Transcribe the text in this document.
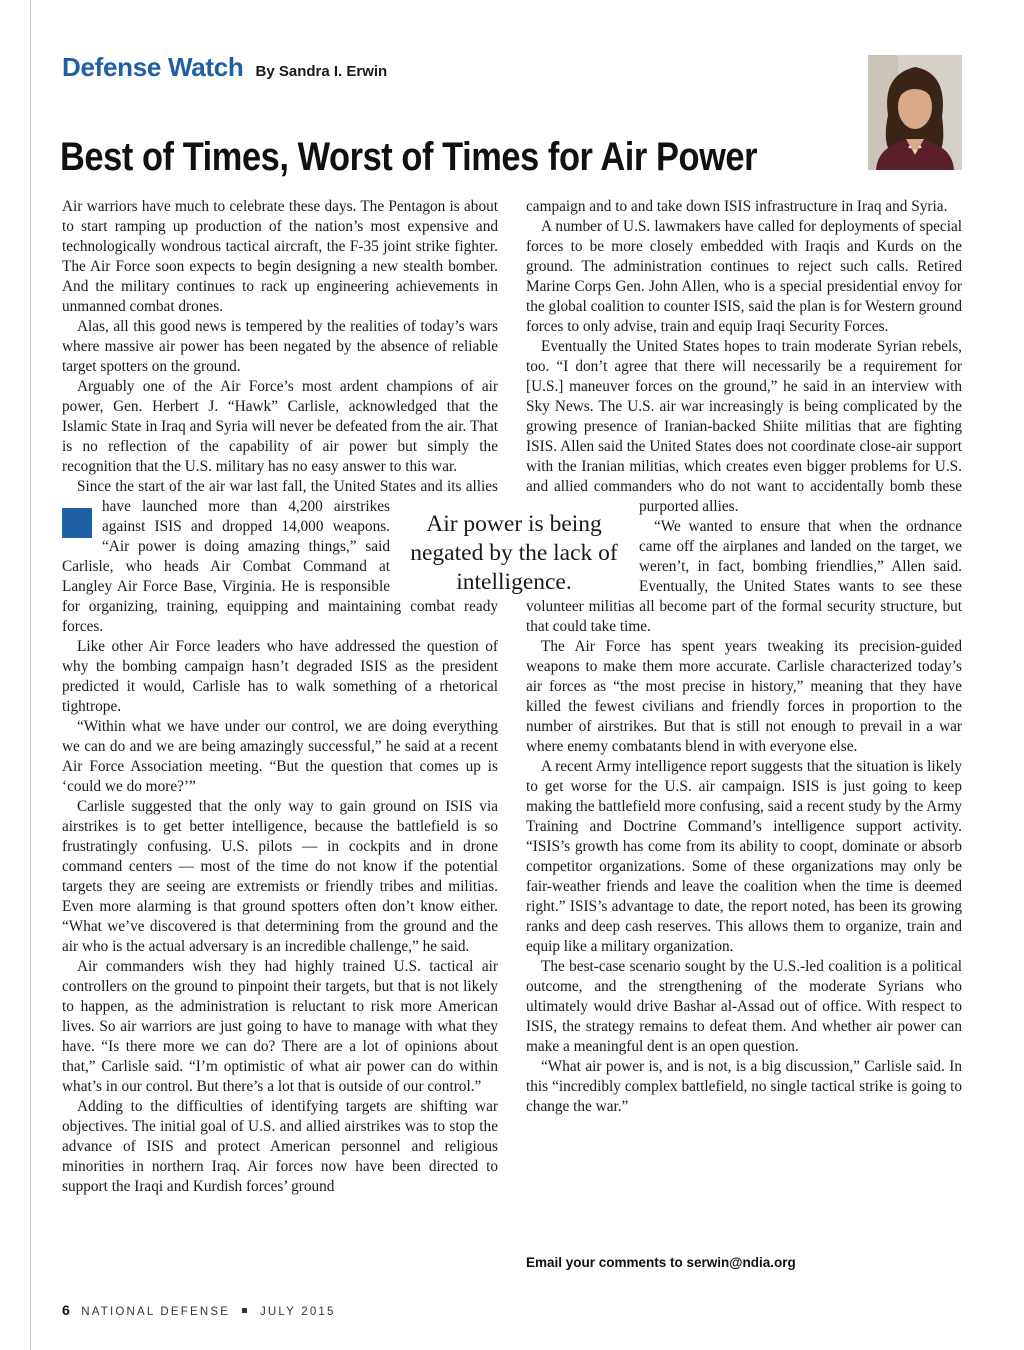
Defense Watch By Sandra I. Erwin
Best of Times, Worst of Times for Air Power

Air warriors have much to celebrate these days. The Pentagon is about to start ramping up production of the nation’s most expensive and technologically wondrous tactical aircraft, the F-35 joint strike fighter. The Air Force soon expects to begin designing a new stealth bomber. And the military continues to rack up engineering achievements in unmanned combat drones.

Alas, all this good news is tempered by the realities of today’s wars where massive air power has been negated by the absence of reliable target spotters on the ground.

Arguably one of the Air Force’s most ardent champions of air power, Gen. Herbert J. “Hawk” Carlisle, acknowledged that the Islamic State in Iraq and Syria will never be defeated from the air. That is no reflection of the capability of air power but simply the recognition that the U.S. military has no easy answer to this war.

Since the start of the air war last fall, the United States and its allies have launched more than 4,200 airstrikes against ISIS and dropped 14,000 weapons. “Air power is doing amazing things,” said Carlisle, who heads Air Combat Command at Langley Air Force Base, Virginia. He is responsible for organizing, training, equipping and maintaining combat ready forces.

Like other Air Force leaders who have addressed the question of why the bombing campaign hasn’t degraded ISIS as the president predicted it would, Carlisle has to walk something of a rhetorical tightrope.

“Within what we have under our control, we are doing everything we can do and we are being amazingly successful,” he said at a recent Air Force Association meeting. “But the question that comes up is ‘could we do more?’”

Carlisle suggested that the only way to gain ground on ISIS via airstrikes is to get better intelligence, because the battlefield is so frustratingly confusing. U.S. pilots — in cockpits and in drone command centers — most of the time do not know if the potential targets they are seeing are extremists or friendly tribes and militias. Even more alarming is that ground spotters often don’t know either. “What we’ve discovered is that determining from the ground and the air who is the actual adversary is an incredible challenge,” he said.

Air commanders wish they had highly trained U.S. tactical air controllers on the ground to pinpoint their targets, but that is not likely to happen, as the administration is reluctant to risk more American lives. So air warriors are just going to have to manage with what they have. “Is there more we can do? There are a lot of opinions about that,” Carlisle said. “I’m optimistic of what air power can do within what’s in our control. But there’s a lot that is outside of our control.”

Adding to the difficulties of identifying targets are shifting war objectives. The initial goal of U.S. and allied airstrikes was to stop the advance of ISIS and protect American personnel and religious minorities in northern Iraq. Air forces now have been directed to support the Iraqi and Kurdish forces’ ground

Air power is being negated by the lack of intelligence.

campaign and to and take down ISIS infrastructure in Iraq and Syria.

A number of U.S. lawmakers have called for deployments of special forces to be more closely embedded with Iraqis and Kurds on the ground. The administration continues to reject such calls. Retired Marine Corps Gen. John Allen, who is a special presidential envoy for the global coalition to counter ISIS, said the plan is for Western ground forces to only advise, train and equip Iraqi Security Forces.

Eventually the United States hopes to train moderate Syrian rebels, too. “I don’t agree that there will necessarily be a requirement for [U.S.] maneuver forces on the ground,” he said in an interview with Sky News. The U.S. air war increasingly is being complicated by the growing presence of Iranian-backed Shiite militias that are fighting ISIS. Allen said the United States does not coordinate close-air support with the Iranian militias, which creates even bigger problems for U.S. and allied commanders who do not want to accidentally bomb these purported allies.

“We wanted to ensure that when the ordnance came off the airplanes and landed on the target, we weren’t, in fact, bombing friendlies,” Allen said. Eventually, the United States wants to see these volunteer militias all become part of the formal security structure, but that could take time.

The Air Force has spent years tweaking its precision-guided weapons to make them more accurate. Carlisle characterized today’s air forces as “the most precise in history,” meaning that they have killed the fewest civilians and friendly forces in proportion to the number of airstrikes. But that is still not enough to prevail in a war where enemy combatants blend in with everyone else.

A recent Army intelligence report suggests that the situation is likely to get worse for the U.S. air campaign. ISIS is just going to keep making the battlefield more confusing, said a recent study by the Army Training and Doctrine Command’s intelligence support activity. “ISIS’s growth has come from its ability to coopt, dominate or absorb competitor organizations. Some of these organizations may only be fair-weather friends and leave the coalition when the time is deemed right.” ISIS’s advantage to date, the report noted, has been its growing ranks and deep cash reserves. This allows them to organize, train and equip like a military organization.

The best-case scenario sought by the U.S.-led coalition is a political outcome, and the strengthening of the moderate Syrians who ultimately would drive Bashar al-Assad out of office. With respect to ISIS, the strategy remains to defeat them. And whether air power can make a meaningful dent is an open question.

“What air power is, and is not, is a big discussion,” Carlisle said. In this “incredibly complex battlefield, no single tactical strike is going to change the war.”

Email your comments to serwin@ndia.org
6 NATIONAL DEFENSE	JULY 2015
